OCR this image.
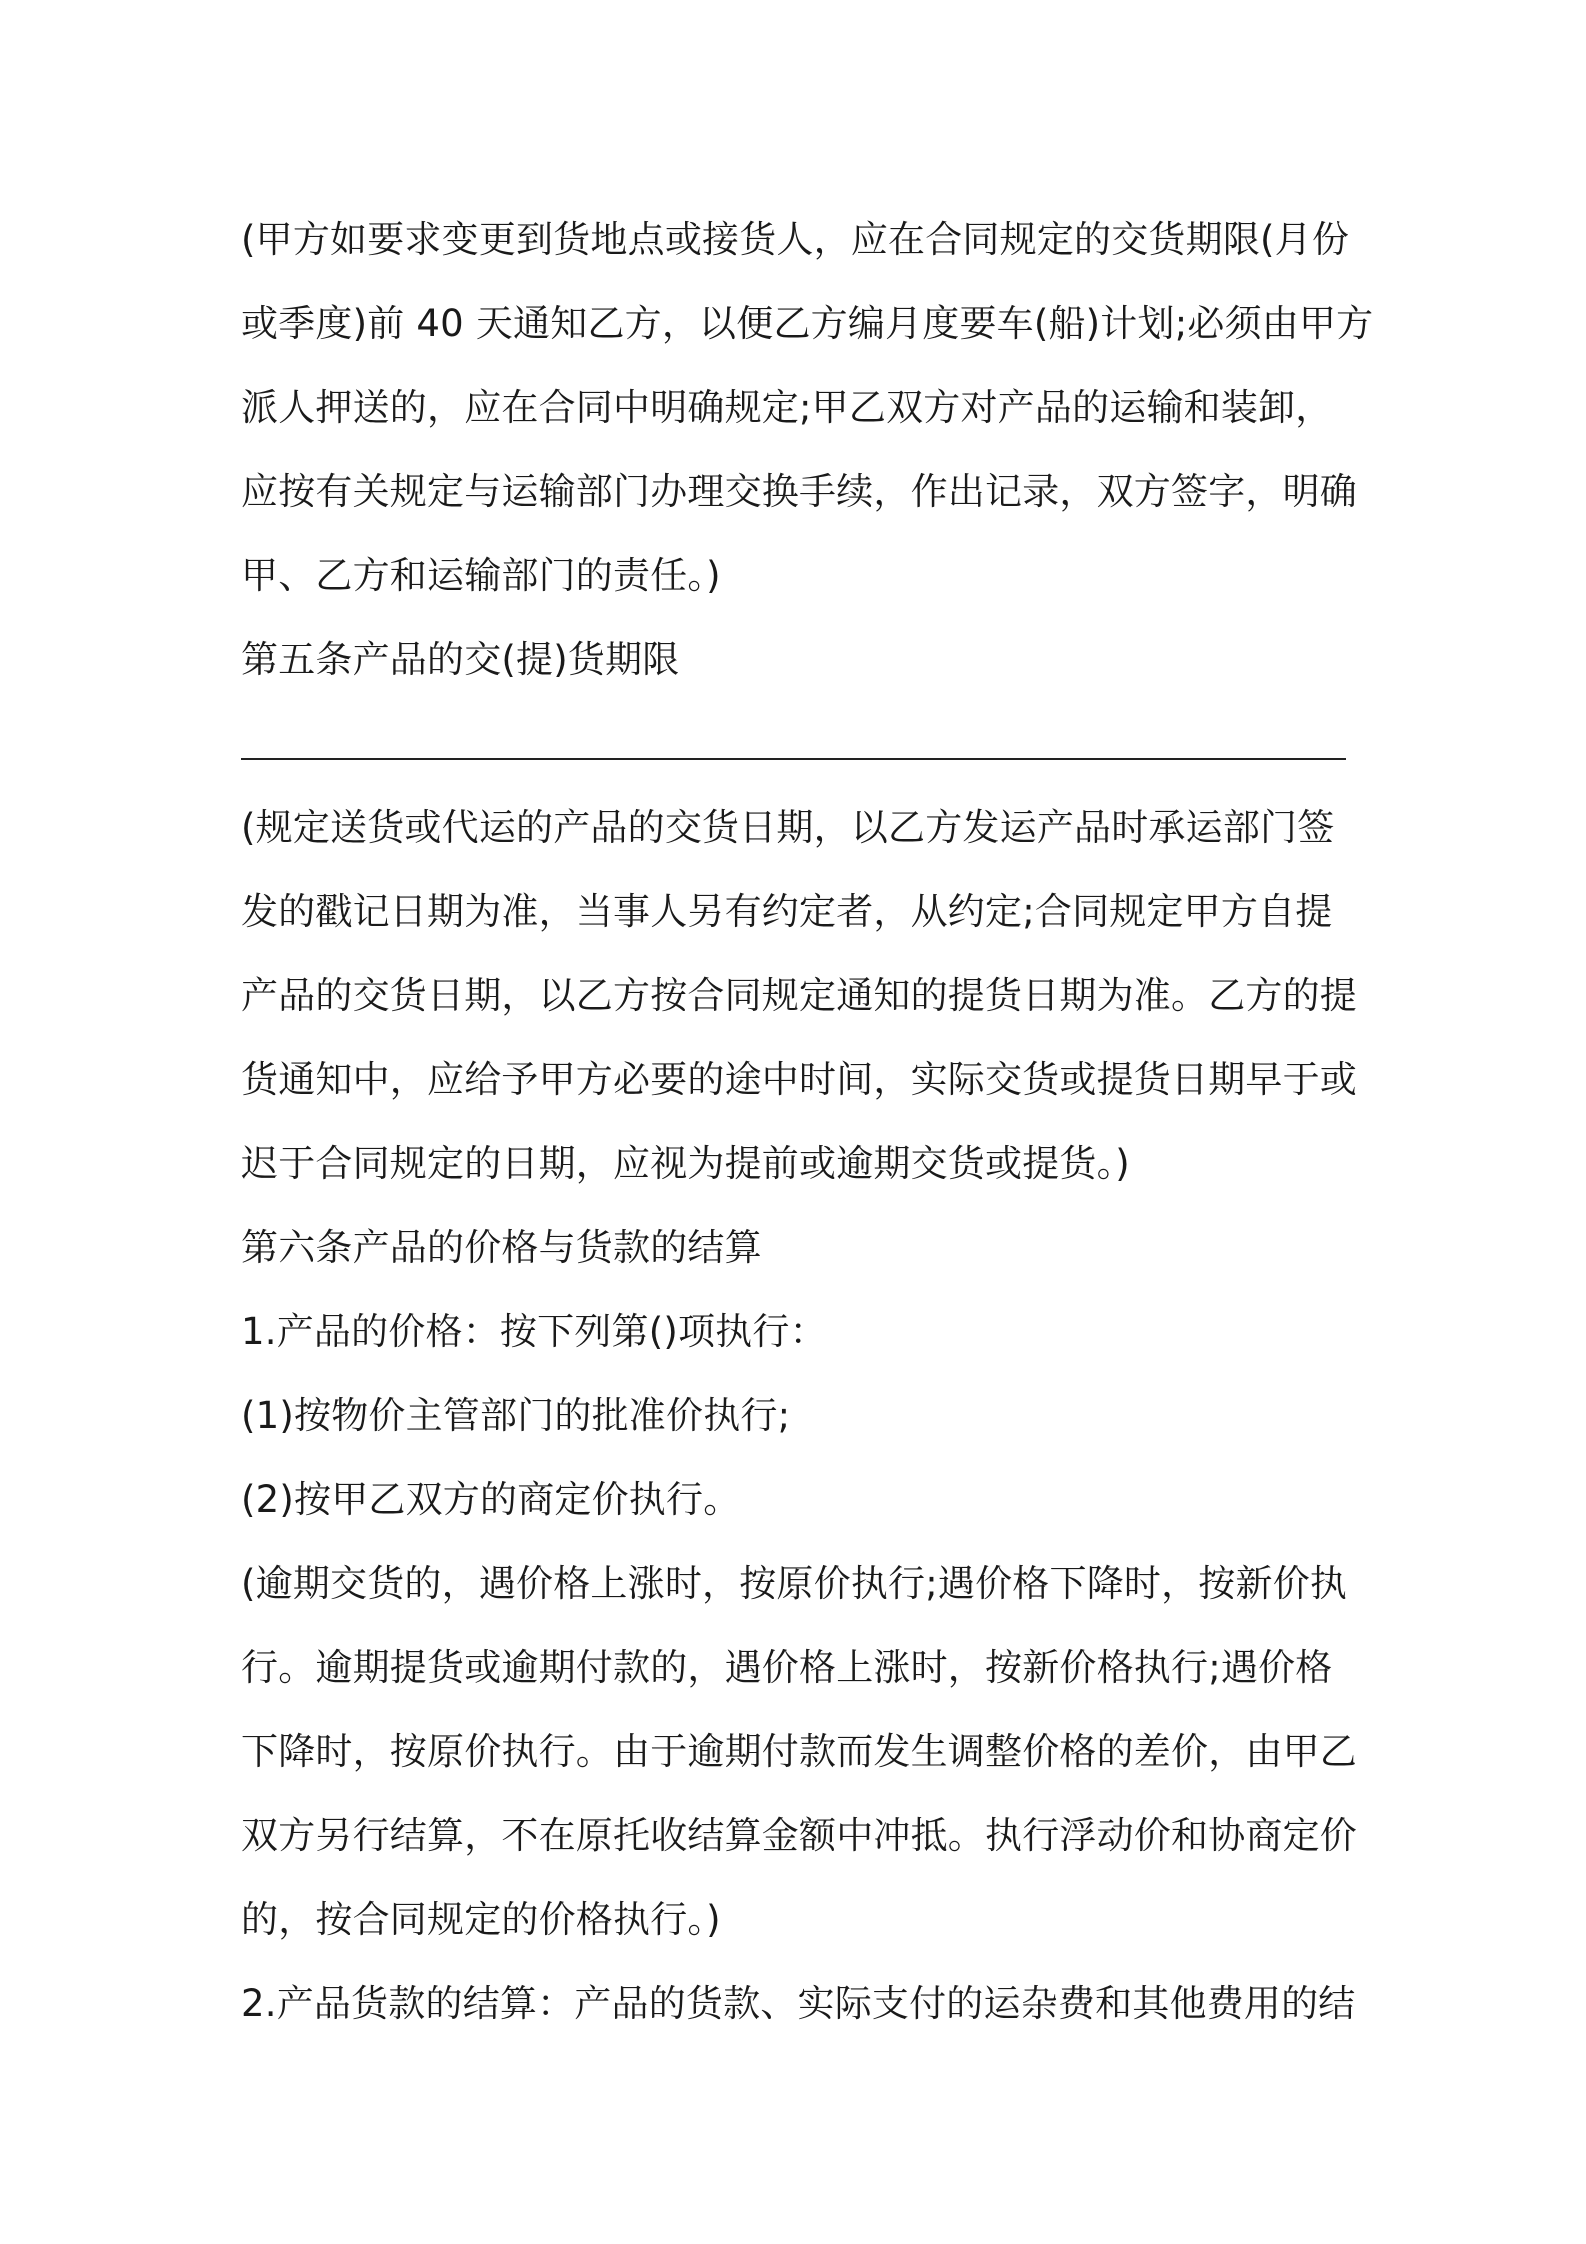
(甲方如要求变更到货地点或接货人，应在合同规定的交货期限(月份
或季度)前 40 天通知乙方，以便乙方编月度要车(船)计划;必须由甲方
派人押送的，应在合同中明确规定;甲乙双方对产品的运输和装卸，
应按有关规定与运输部门办理交换手续，作出记录，双方签字，明确
甲、乙方和运输部门的责任。)
第五条产品的交(提)货期限
(规定送货或代运的产品的交货日期，以乙方发运产品时承运部门签
发的戳记日期为准，当事人另有约定者，从约定;合同规定甲方自提
产品的交货日期，以乙方按合同规定通知的提货日期为准。乙方的提
货通知中，应给予甲方必要的途中时间，实际交货或提货日期早于或
迟于合同规定的日期，应视为提前或逾期交货或提货。)
第六条产品的价格与货款的结算
1.产品的价格：按下列第()项执行：
(1)按物价主管部门的批准价执行;
(2)按甲乙双方的商定价执行。
(逾期交货的，遇价格上涨时，按原价执行;遇价格下降时，按新价执
行。逾期提货或逾期付款的，遇价格上涨时，按新价格执行;遇价格
下降时，按原价执行。由于逾期付款而发生调整价格的差价，由甲乙
双方另行结算，不在原托收结算金额中冲抵。执行浮动价和协商定价
的，按合同规定的价格执行。)
2.产品货款的结算：产品的货款、实际支付的运杂费和其他费用的结
